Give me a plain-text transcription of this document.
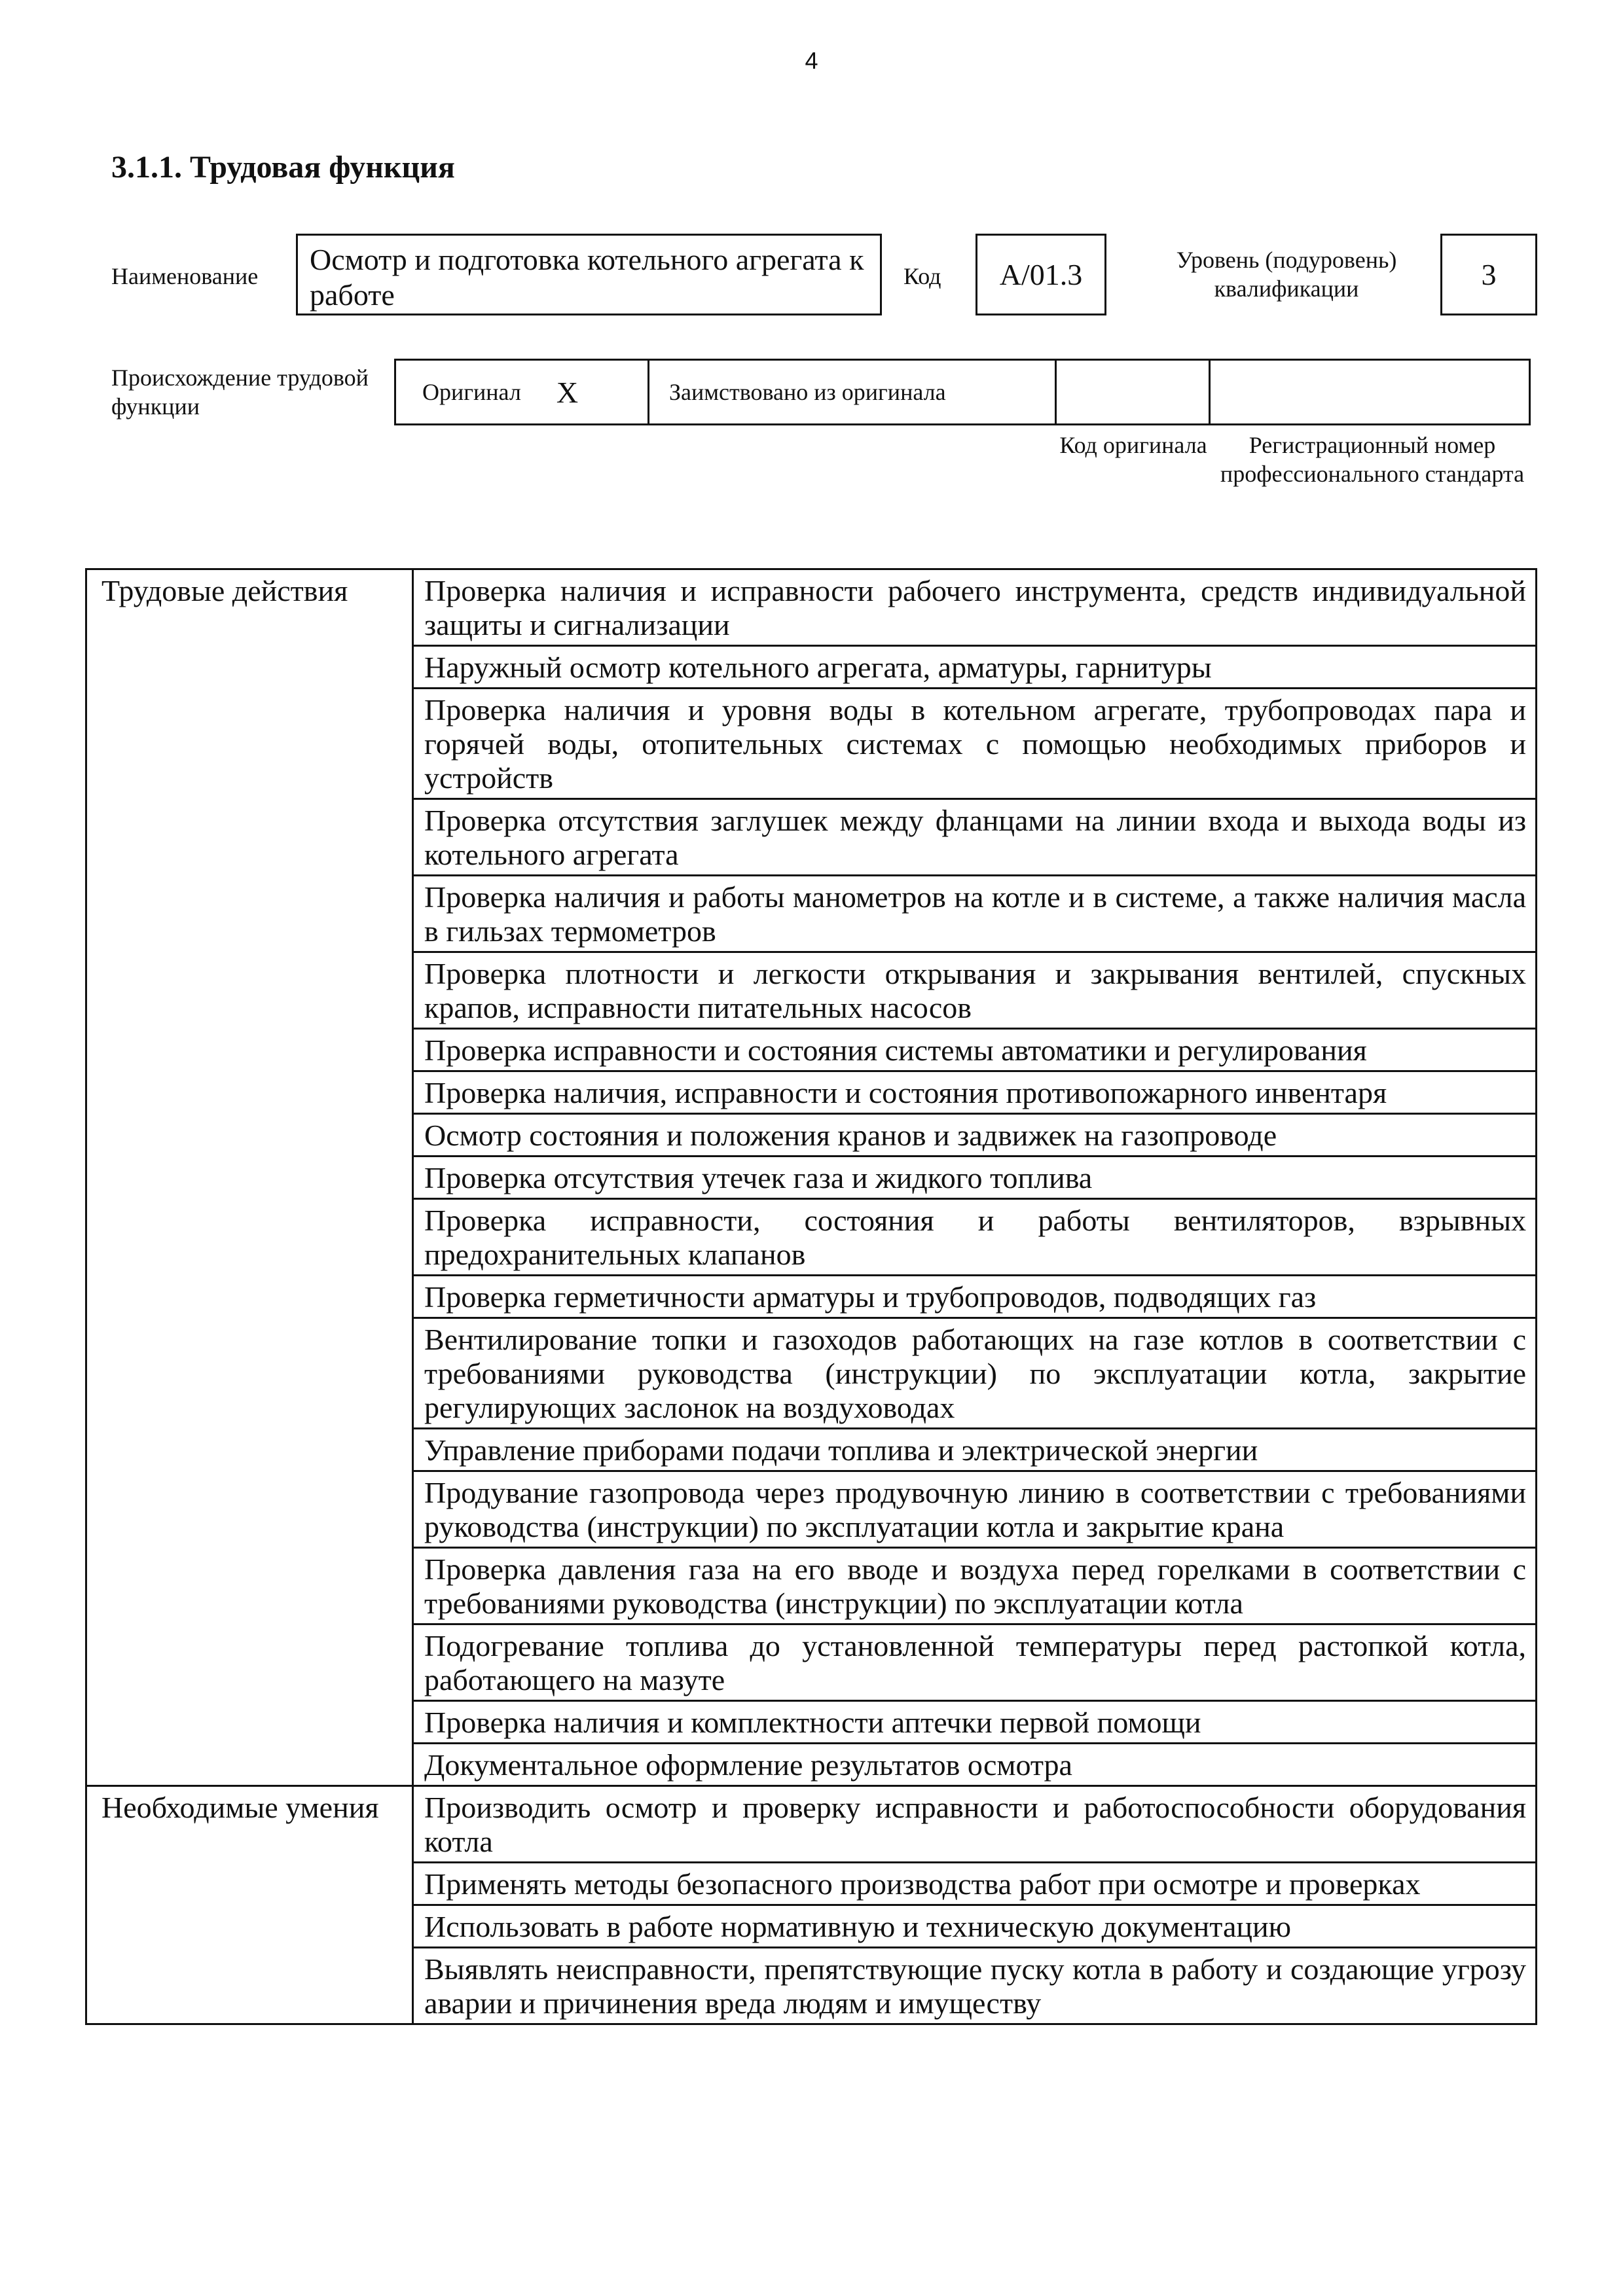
4
3.1.1. Трудовая функция
Наименование	Осмотр и подготовка котельного агрегата к работе
Код	А/01.3	Уровень (подуровень) квалификации	3
Происхождение трудовой функции
Оригинал Х	Заимствовано из оригинала
Код оригинала	Регистрационный номер профессионального стандарта
Трудовые действия	Проверка наличия и исправности рабочего инструмента, средств индивидуальной защиты и сигнализации
	Наружный осмотр котельного агрегата, арматуры, гарнитуры
	Проверка наличия и уровня воды в котельном агрегате, трубопроводах пара и горячей воды, отопительных системах с помощью необходимых приборов и устройств
	Проверка отсутствия заглушек между фланцами на линии входа и выхода воды из котельного агрегата
	Проверка наличия и работы манометров на котле и в системе, а также наличия масла в гильзах термометров
	Проверка плотности и легкости открывания и закрывания вентилей, спускных крапов, исправности питательных насосов
	Проверка исправности и состояния системы автоматики и регулирования
	Проверка наличия, исправности и состояния противопожарного инвентаря
	Осмотр состояния и положения кранов и задвижек на газопроводе
	Проверка отсутствия утечек газа и жидкого топлива
	Проверка исправности, состояния и работы вентиляторов, взрывных предохранительных клапанов
	Проверка герметичности арматуры и трубопроводов, подводящих газ
	Вентилирование топки и газоходов работающих на газе котлов в соответствии с требованиями руководства (инструкции) по эксплуатации котла, закрытие регулирующих заслонок на воздуховодах
	Управление приборами подачи топлива и электрической энергии
	Продувание газопровода через продувочную линию в соответствии с требованиями руководства (инструкции) по эксплуатации котла и закрытие крана
	Проверка давления газа на его вводе и воздуха перед горелками в соответствии с требованиями руководства (инструкции) по эксплуатации котла
	Подогревание топлива до установленной температуры перед растопкой котла, работающего на мазуте
	Проверка наличия и комплектности аптечки первой помощи
	Документальное оформление результатов осмотра
Необходимые умения	Производить осмотр и проверку исправности и работоспособности оборудования котла
	Применять методы безопасного производства работ при осмотре и проверках
	Использовать в работе нормативную и техническую документацию
	Выявлять неисправности, препятствующие пуску котла в работу и создающие угрозу аварии и причинения вреда людям и имуществу
